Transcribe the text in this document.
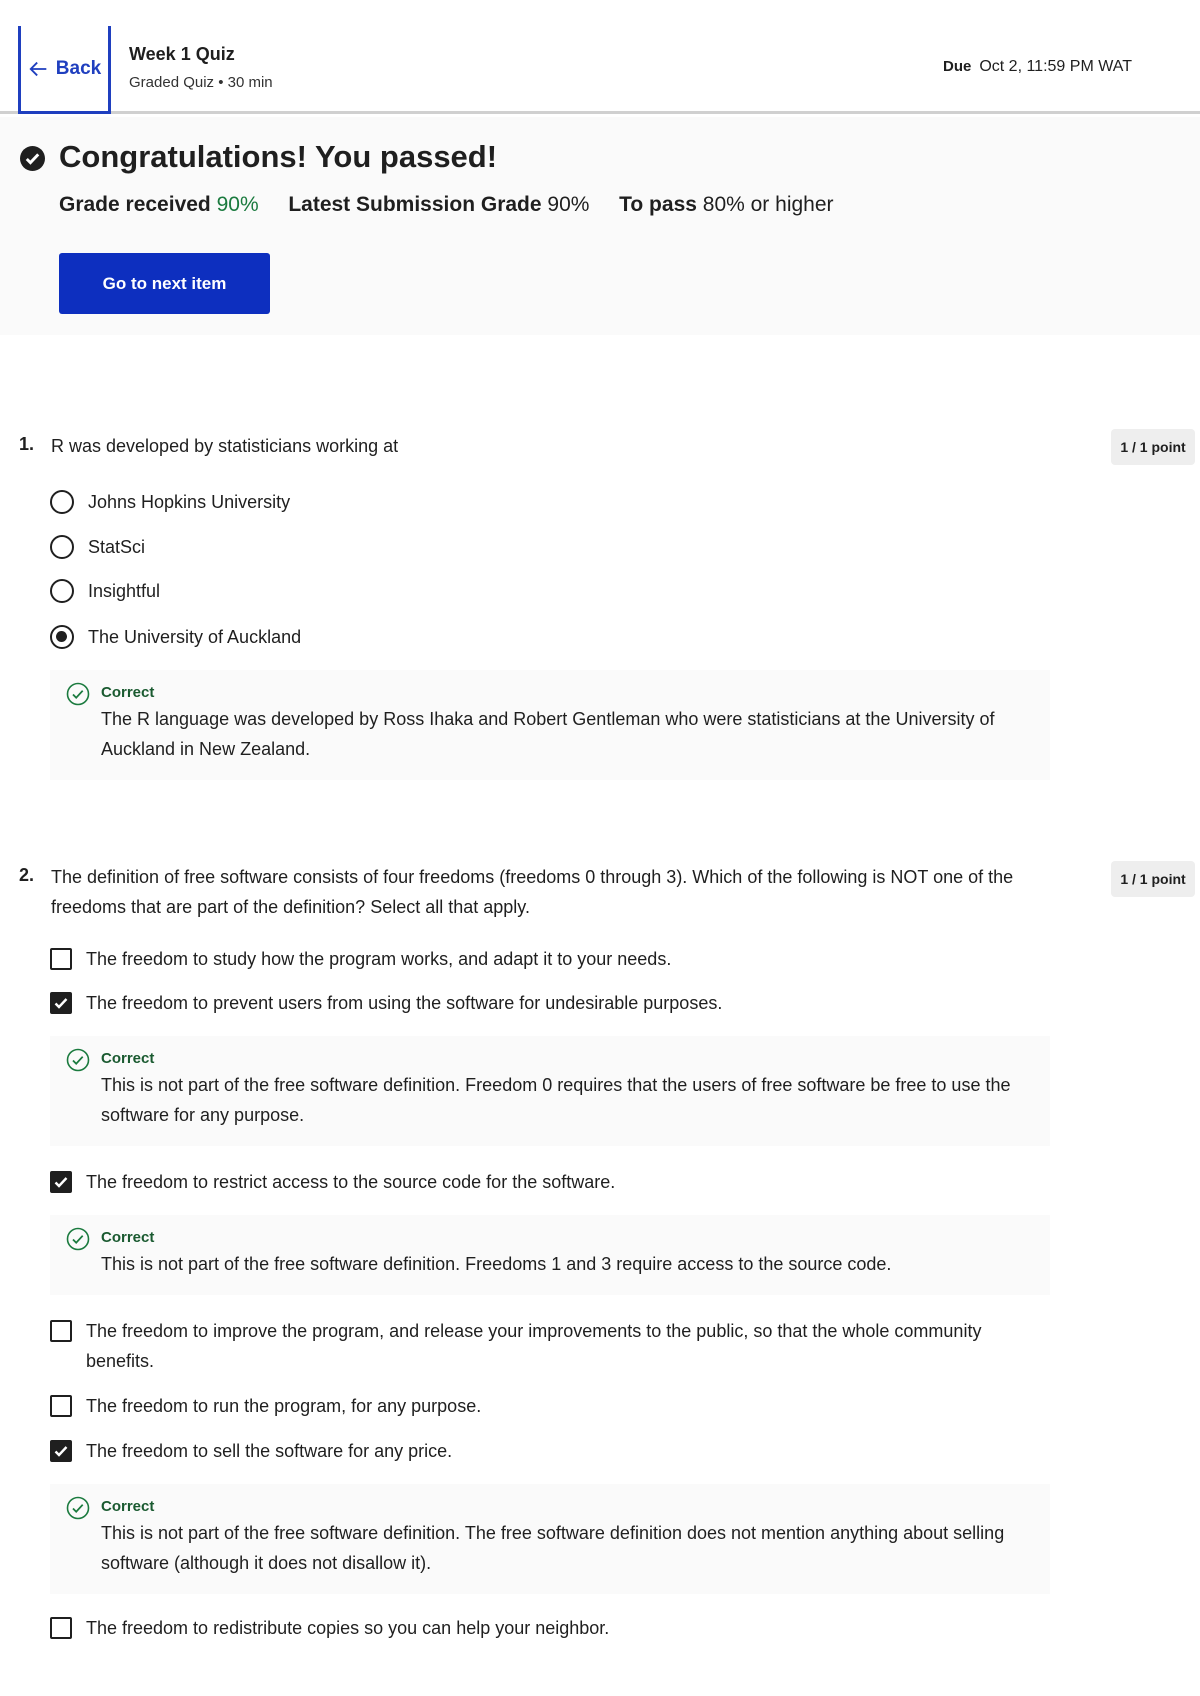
Back
Week 1 Quiz
Graded Quiz • 30 min
Due Oct 2, 11:59 PM WAT
Congratulations! You passed!
Grade received 90% Latest Submission Grade 90% To pass 80% or higher
Go to next item
1. R was developed by statisticians working at	1 / 1 point
Johns Hopkins University
StatSci
Insightful
The University of Auckland
Correct
The R language was developed by Ross Ihaka and Robert Gentleman who were statisticians at the University of Auckland in New Zealand.
2. The definition of free software consists of four freedoms (freedoms 0 through 3). Which of the following is NOT one of the freedoms that are part of the definition? Select all that apply.
1 / 1 point
The freedom to study how the program works, and adapt it to your needs.
The freedom to prevent users from using the software for undesirable purposes.
Correct
This is not part of the free software definition. Freedom 0 requires that the users of free software be free to use the software for any purpose.
The freedom to restrict access to the source code for the software.
Correct
This is not part of the free software definition. Freedoms 1 and 3 require access to the source code.
The freedom to improve the program, and release your improvements to the public, so that the whole community benefits.
The freedom to run the program, for any purpose.
The freedom to sell the software for any price.
Correct
This is not part of the free software definition. The free software definition does not mention anything about selling software (although it does not disallow it).
The freedom to redistribute copies so you can help your neighbor.
